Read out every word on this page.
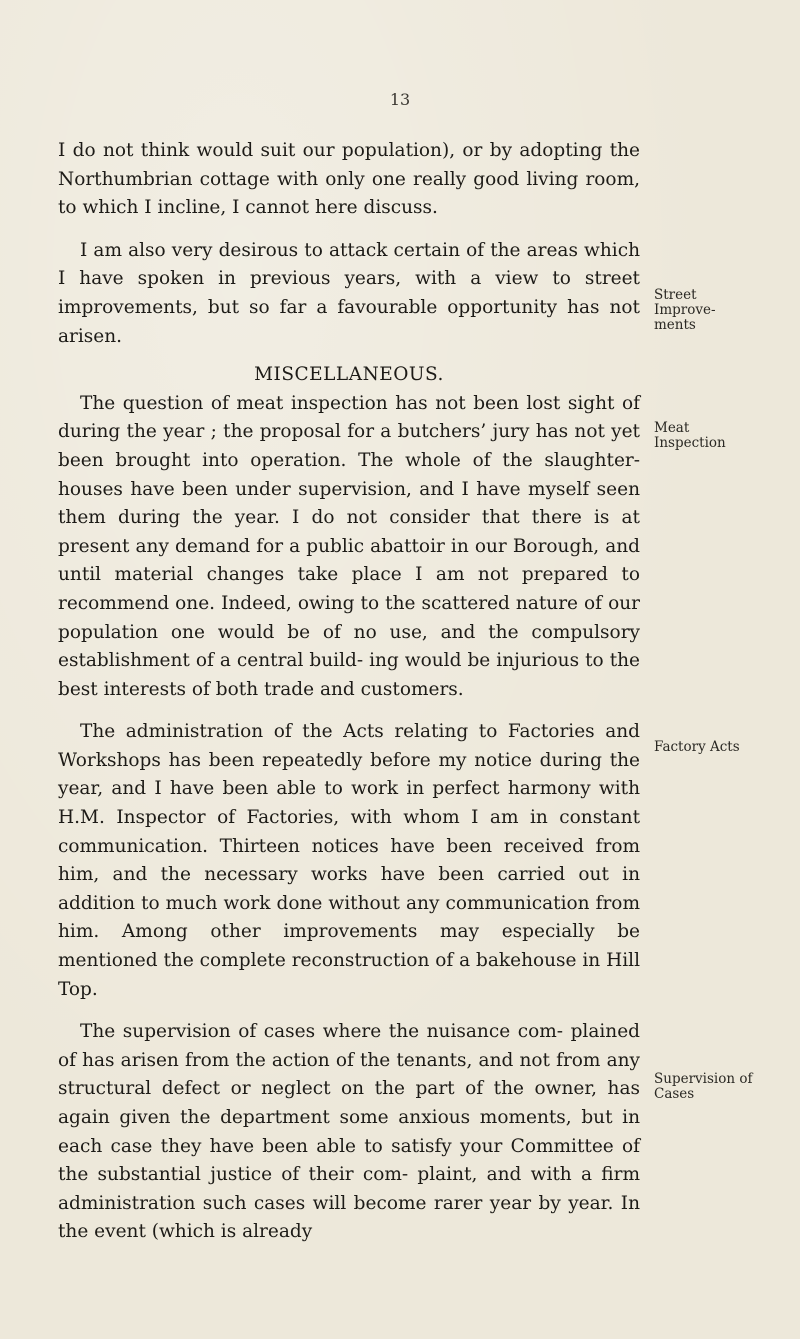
13

I do not think would suit our population), or by adopting the Northumbrian cottage with only one really good living room, to which I incline, I cannot here discuss.

I am also very desirous to attack certain of the areas which I have spoken in previous years, with a view to street improvements, but so far a favourable opportunity has not arisen.

MISCELLANEOUS.

The question of meat inspection has not been lost sight of during the year ; the proposal for a butchers’ jury has not yet been brought into operation. The whole of the slaughter-houses have been under supervision, and I have myself seen them during the year. I do not consider that there is at present any demand for a public abattoir in our Borough, and until material changes take place I am not prepared to recommend one. Indeed, owing to the scattered nature of our population one would be of no use, and the compulsory establishment of a central build- ing would be injurious to the best interests of both trade and customers.

The administration of the Acts relating to Factories and Workshops has been repeatedly before my notice during the year, and I have been able to work in perfect harmony with H.M. Inspector of Factories, with whom I am in constant communication. Thirteen notices have been received from him, and the necessary works have been carried out in addition to much work done without any communication from him. Among other improvements may especially be mentioned the complete reconstruction of a bakehouse in Hill Top.

The supervision of cases where the nuisance com- plained of has arisen from the action of the tenants, and not from any structural defect or neglect on the part of the owner, has again given the department some anxious moments, but in each case they have been able to satisfy your Committee of the substantial justice of their com- plaint, and with a firm administration such cases will become rarer year by year. In the event (which is already

Street Improve- ments
Meat Inspection
Factory Acts
Supervision of Cases
